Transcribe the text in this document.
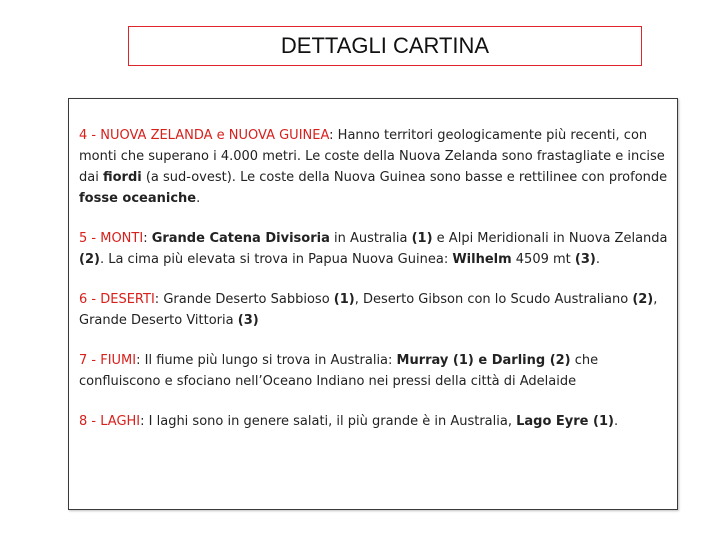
DETTAGLI CARTINA

4 - NUOVA ZELANDA e NUOVA GUINEA: Hanno territori geologicamente più recenti, con monti che superano i 4.000 metri. Le coste della Nuova Zelanda sono frastagliate e incise dai fiordi (a sud-ovest). Le coste della Nuova Guinea sono basse e rettilinee con profonde fosse oceaniche.

5 - MONTI: Grande Catena Divisoria in Australia (1) e Alpi Meridionali in Nuova Zelanda (2). La cima più elevata si trova in Papua Nuova Guinea: Wilhelm 4509 mt (3).

6 - DESERTI: Grande Deserto Sabbioso (1), Deserto Gibson con lo Scudo Australiano (2), Grande Deserto Vittoria (3)

7 - FIUMI: Il fiume più lungo si trova in Australia: Murray (1) e Darling (2) che confluiscono e sfociano nell’Oceano Indiano nei pressi della città di Adelaide

8 - LAGHI: I laghi sono in genere salati, il più grande è in Australia, Lago Eyre (1).
